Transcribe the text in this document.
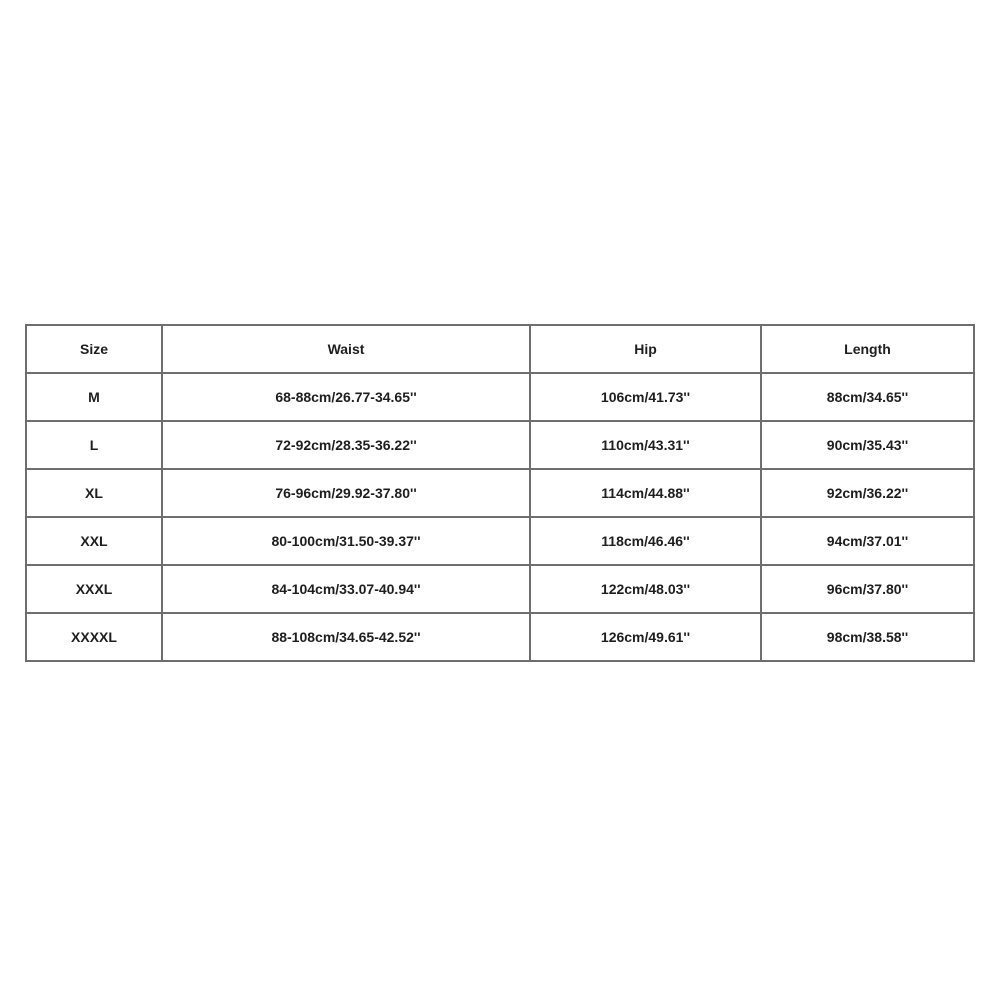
Size	Waist	Hip	Length
M	68-88cm/26.77-34.65''	106cm/41.73''	88cm/34.65''
L	72-92cm/28.35-36.22''	110cm/43.31''	90cm/35.43''
XL	76-96cm/29.92-37.80''	114cm/44.88''	92cm/36.22''
XXL	80-100cm/31.50-39.37''	118cm/46.46''	94cm/37.01''
XXXL	84-104cm/33.07-40.94''	122cm/48.03''	96cm/37.80''
XXXXL	88-108cm/34.65-42.52''	126cm/49.61''	98cm/38.58''
